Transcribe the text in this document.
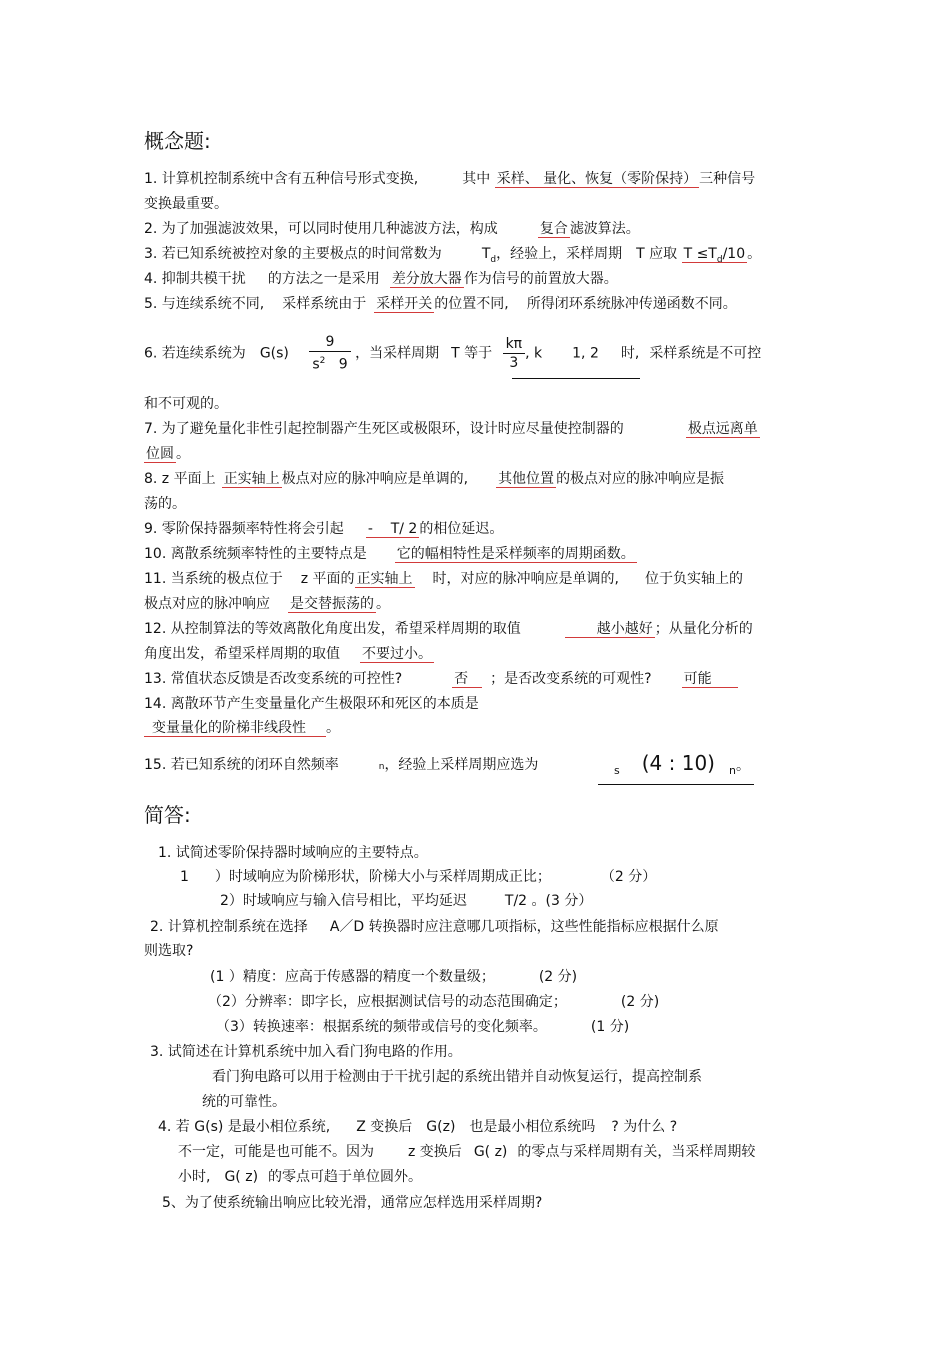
概念题:
1. 计算机控制系统中含有五种信号形式变换,	其中 采样、 量化、恢复（零阶保持） 三种信号
变换最重要。
2. 为了加强滤波效果，可以同时使用几种滤波方法，构成	复合 滤波算法。
3. 若已知系统被控对象的主要极点的时间常数为	$T_d$，经验上，采样周期 T 应取 $T \le T_d/10$ 。
4. 抑制共模干扰 的方法之一是采用 差分放大器 作为信号的前置放大器。
5. 与连续系统不同, 采样系统由于 采样开关 的位置不同, 所得闭环系统脉冲传递函数不同。
6. 若连续系统为 $G(s) \frac{9}{s^2 9}$ ，当采样周期 T 等于 $\frac{k\pi}{3}$ , k 1, 2 时, 采样系统是不可控
和不可观的。
7. 为了避免量化非性引起控制器产生死区或极限环，设计时应尽量使控制器的	极点远离单
位圆 。
8. z 平面上 正实轴上 极点对应的脉冲响应是单调的, 其他位置 的极点对应的脉冲响应是振
荡的。
9. 零阶保持器频率特性将会引起 - T/ 2 的相位延迟。
10. 离散系统频率特性的主要特点是 它的幅相特性是采样频率的周期函数。
11. 当系统的极点位于 z 平面的 正实轴上 时，对应的脉冲响应是单调的, 位于负实轴上的
极点对应的脉冲响应 是交替振荡的 。
12. 从控制算法的等效离散化角度出发，希望采样周期的取值	越小越好 ；从量化分析的
角度出发，希望采样周期的取值 不要过小。
13. 常值状态反馈是否改变系统的可控性?	否 ；是否改变系统的可观性? 可能
14. 离散环节产生变量量化产生极限环和死区的本质是
变量量化的阶梯非线段性 。
15. 若已知系统的闭环自然频率	n，经验上采样周期应选为	$_s$ (4 : 10) $_n$。
简答:
1. 试简述零阶保持器时域响应的主要特点。
1 ）时域响应为阶梯形状，阶梯大小与采样周期成正比；	（2 分）
2）时域响应与输入信号相比，平均延迟	T/2 。(3 分）
2. 计算机控制系统在选择 A／D 转换器时应注意哪几项指标，这些性能指标应根据什么原
则选取?
(1 ）精度：应高于传感器的精度一个数量级；	(2 分)
（2）分辨率：即字长，应根据测试信号的动态范围确定；	(2 分)
（3）转换速率：根据系统的频带或信号的变化频率。	(1 分)
3. 试简述在计算机系统中加入看门狗电路的作用。
看门狗电路可以用于检测由于干扰引起的系统出错并自动恢复运行，提高控制系
统的可靠性。
4. 若 G(s) 是最小相位系统, Z 变换后 G(z) 也是最小相位系统吗 ? 为什么 ?
不一定，可能是也可能不。因为 z 变换后 G( z) 的零点与采样周期有关，当采样周期较
小时, G( z) 的零点可趋于单位圆外。
5、为了使系统输出响应比较光滑，通常应怎样选用采样周期?
